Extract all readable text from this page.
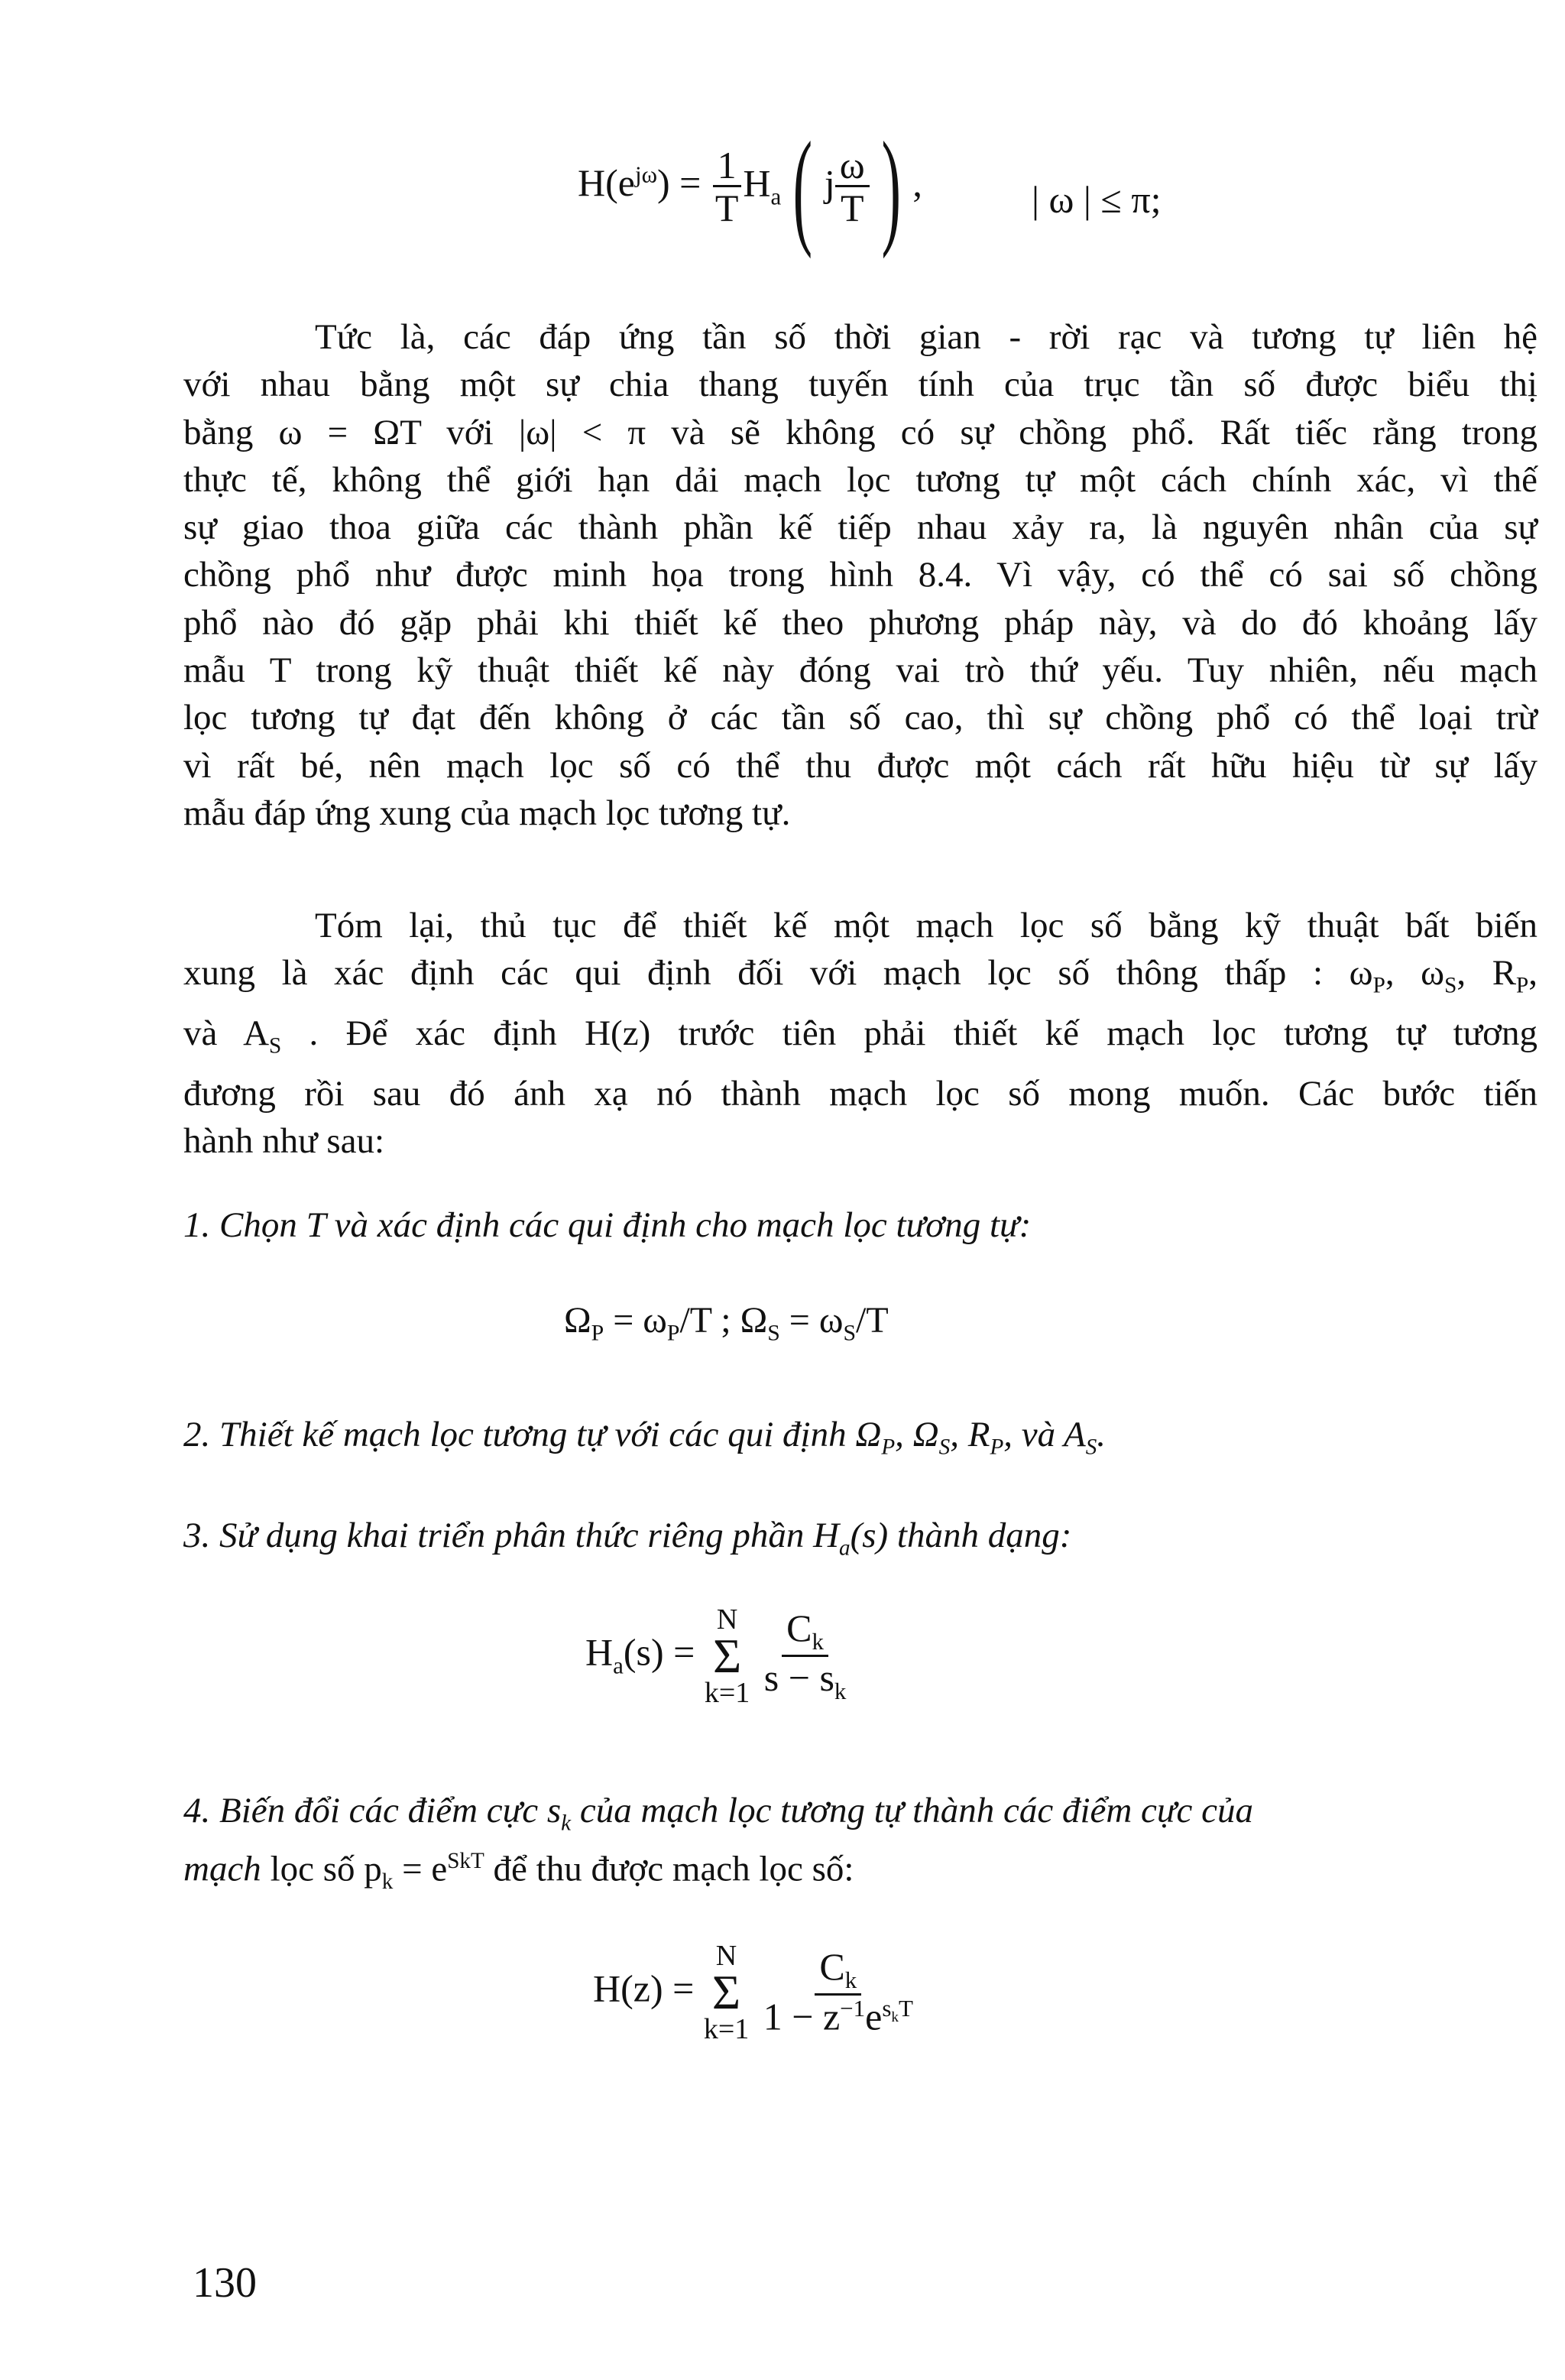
$H(e^{j\omega}) = \frac{1}{T} H_a$( j $\frac{\omega}{T}$ ) ,	| ω | ≤ π;
Tức là, các đáp ứng tần số thời gian - rời rạc và tương tự liên hệ
với nhau bằng một sự chia thang tuyến tính của trục tần số được biểu thị
bằng ω = ΩT với |ω| < π và sẽ không có sự chồng phổ. Rất tiếc rằng trong
thực tế, không thể giới hạn dải mạch lọc tương tự một cách chính xác, vì thế
sự giao thoa giữa các thành phần kế tiếp nhau xảy ra, là nguyên nhân của sự
chồng phổ như được minh họa trong hình 8.4. Vì vậy, có thể có sai số chồng
phổ nào đó gặp phải khi thiết kế theo phương pháp này, và do đó khoảng lấy
mẫu T trong kỹ thuật thiết kế này đóng vai trò thứ yếu. Tuy nhiên, nếu mạch
lọc tương tự đạt đến không ở các tần số cao, thì sự chồng phổ có thể loại trừ
vì rất bé, nên mạch lọc số có thể thu được một cách rất hữu hiệu từ sự lấy
mẫu đáp ứng xung của mạch lọc tương tự.
Tóm lại, thủ tục để thiết kế một mạch lọc số bằng kỹ thuật bất biến
xung là xác định các qui định đối với mạch lọc số thông thấp : $\omega_P$, $\omega_S$, $R_P$,
và $A_S$ . Để xác định H(z) trước tiên phải thiết kế mạch lọc tương tự tương
đương rồi sau đó ánh xạ nó thành mạch lọc số mong muốn. Các bước tiến
hành như sau:
1. Chọn T và xác định các qui định cho mạch lọc tương tự:
$\Omega_P = \omega_P/T$ ; $\Omega_S = \omega_S/T$
2. Thiết kế mạch lọc tương tự với các qui định $\Omega_P$, $\Omega_S$, $R_P$, và $A_S$.
3. Sử dụng khai triển phân thức riêng phần $H_a(s)$ thành dạng:
$H_a(s)$ =
N
Σ
k=1
$\frac{C_k}{s - s_k}$
4. Biến đổi các điểm cực $s_k$ của mạch lọc tương tự thành các điểm cực của
mạch lọc số $p_k = e^{SkT}$ để thu được mạch lọc số:
H(z) =
N
Σ
k=1
$\frac{C_k}{1 - z^{-1}e^{s_kT}}$
130
